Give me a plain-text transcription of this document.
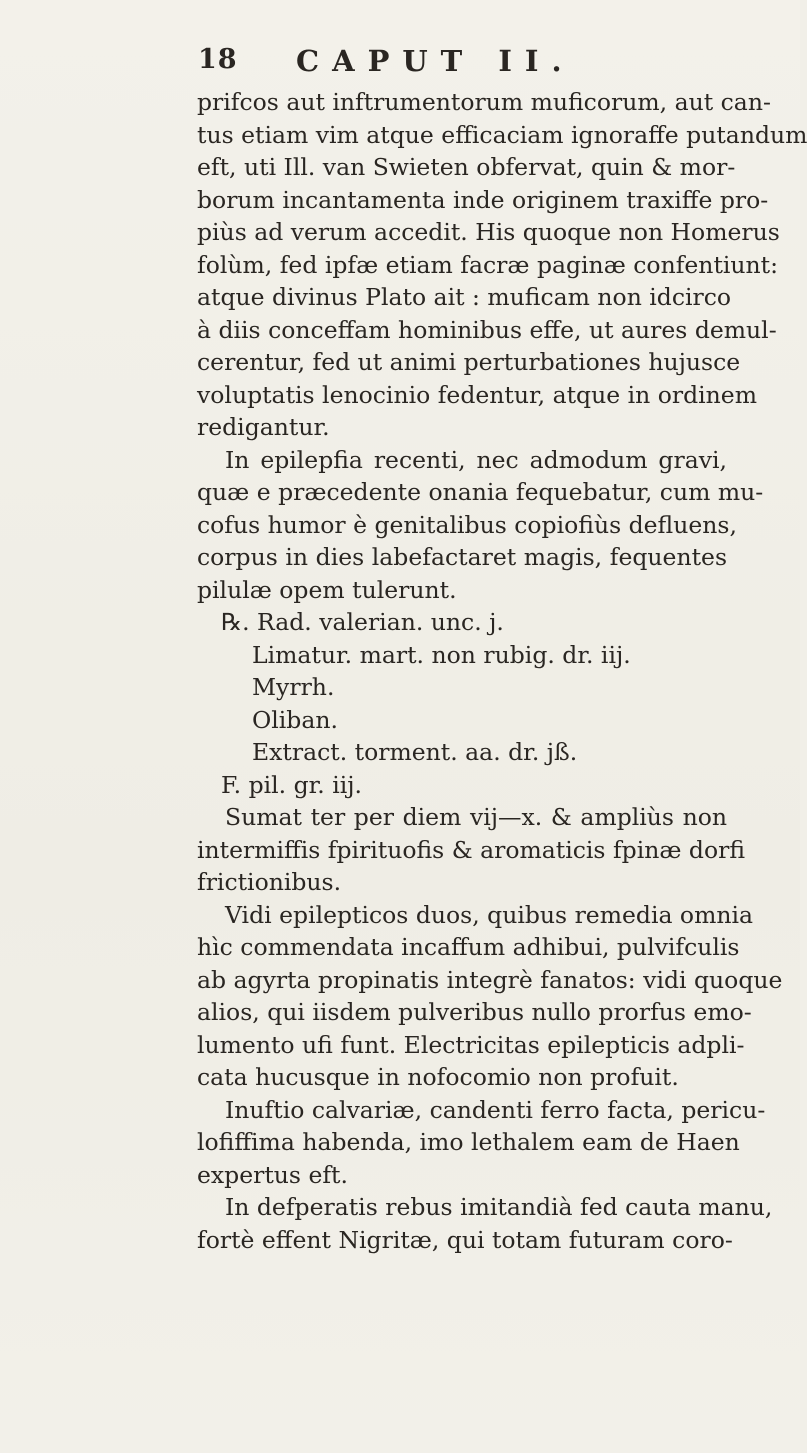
18 CAPUT II.
prifcos aut inftrumentorum muficorum, aut can-
tus etiam vim atque efficaciam ignoraffe putandum
eft, uti Ill. van Swieten obfervat, quin & mor-
borum incantamenta inde originem traxiffe pro-
piùs ad verum accedit. His quoque non Homerus
folùm, fed ipfæ etiam facræ paginæ confentiunt:
atque divinus Plato ait : muficam non idcirco
à diis conceffam hominibus effe, ut aures demul-
cerentur, fed ut animi perturbationes hujusce
voluptatis lenocinio fedentur, atque in ordinem
redigantur.
In epilepfia recenti, nec admodum gravi,
quæ e præcedente onania fequebatur, cum mu-
cofus humor è genitalibus copiofiùs defluens,
corpus in dies labefactaret magis, fequentes
pilulæ opem tulerunt.
℞. Rad. valerian. unc. j.
Limatur. mart. non rubig. dr. iij.
Myrrh.
Oliban.
Extract. torment. aa. dr. jß.
F. pil. gr. iij.
Sumat ter per diem vij—x. & ampliùs non
intermiffis fpirituofis & aromaticis fpinæ dorfi
frictionibus.
Vidi epilepticos duos, quibus remedia omnia
hìc commendata incaffum adhibui, pulvifculis
ab agyrta propinatis integrè fanatos: vidi quoque
alios, qui iisdem pulveribus nullo prorfus emo-
lumento ufi funt. Electricitas epilepticis adpli-
cata hucusque in nofocomio non profuit.
Inuftio calvariæ, candenti ferro facta, pericu-
lofiffima habenda, imo lethalem eam de Haen
expertus eft.
In defperatis rebus imitandià fed cauta manu,
fortè effent Nigritæ, qui totam futuram coro-
